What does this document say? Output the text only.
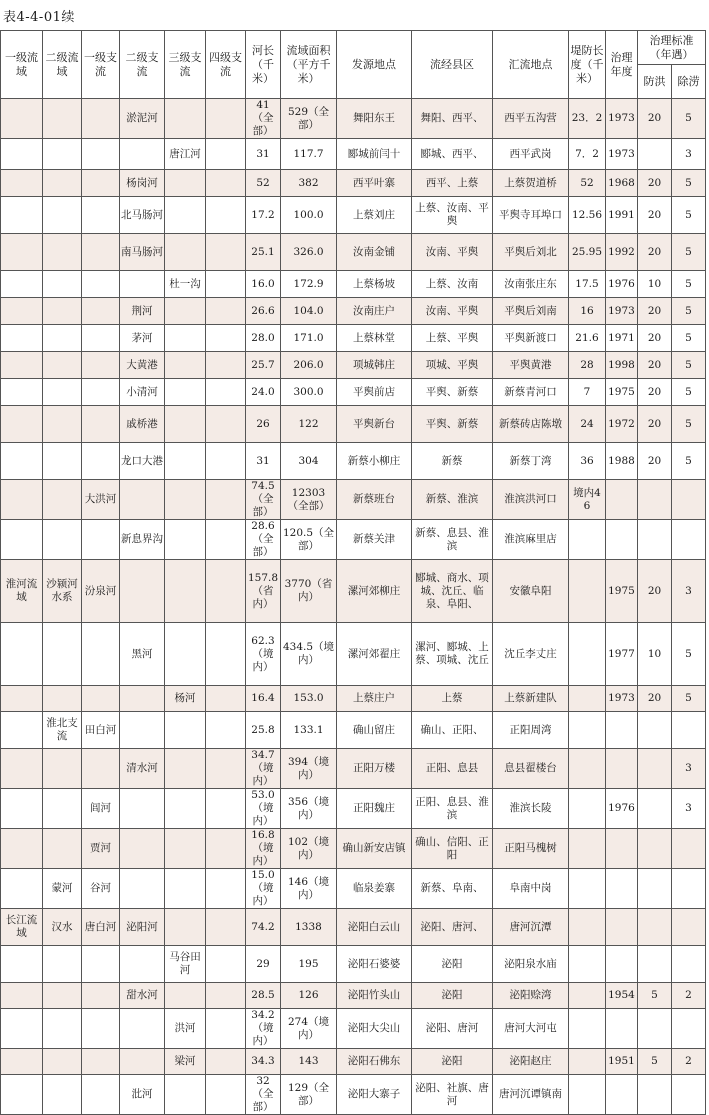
表4-4-01续
一级流域	二级流域	一级支流	二级支流	三级支流	四级支流	河长（千米）	流域面积（平方千米）	发源地点	流经县区	汇流地点	堤防长度（千米）	治理年度	治理标准（年遇）	
													防洪	除涝
			淤泥河			41（全部）	529（全部）	舞阳东王	舞阳、西平、	西平五沟营	23．2	1973	20	5
				唐江河		31	117.7	郾城前闫十	郾城、西平、	西平武岗	7．2	1973		3
			杨岗河			52	382	西平叶寨	西平、上蔡	上蔡贺道桥	52	1968	20	5
			北马肠河			17.2	100.0	上蔡刘庄	上蔡、汝南、平舆	平舆寺耳埠口	12.56	1991	20	5
			南马肠河			25.1	326.0	汝南金铺	汝南、平舆	平舆后刘北	25.95	1992	20	5
				杜一沟		16.0	172.9	上蔡杨坡	上蔡、汝南	汝南张庄东	17.5	1976	10	5
			荆河			26.6	104.0	汝南庄户	汝南、平舆	平舆后刘南	16	1973	20	5
			茅河			28.0	171.0	上蔡林堂	上蔡、平舆	平舆新渡口	21.6	1971	20	5
			大黄港			25.7	206.0	项城韩庄	项城、平舆	平舆黄港	28	1998	20	5
			小清河			24.0	300.0	平舆前店	平舆、新蔡	新蔡青河口	7	1975	20	5
			戚桥港			26	122	平舆新台	平舆、新蔡	新蔡砖店陈墩	24	1972	20	5
			龙口大港			31	304	新蔡小柳庄	新蔡	新蔡丁湾	36	1988	20	5
		大洪河				74.5（全部）	12303（全部）	新蔡班台	新蔡、淮滨	淮滨洪河口	境内46			
			新息界沟			28.6（全部）	120.5（全部）	新蔡关津	新蔡、息县、淮滨	淮滨麻里店				
淮河流域	沙颍河水系	汾泉河				157.8（省内）	3770（省内）	漯河郊柳庄	郾城、商水、项城、沈丘、临泉、阜阳、	安徽阜阳		1975	20	3
			黑河			62.3（境内）	434.5（境内）	漯河郊翟庄	漯河、郾城、上蔡、项城、沈丘	沈丘李丈庄		1977	10	5
				杨河		16.4	153.0	上蔡庄户	上蔡	上蔡新建队		1973	20	5
	淮北支流	田白河				25.8	133.1	确山留庄	确山、正阳、	正阳周湾				
			清水河			34.7（境内）	394（境内）	正阳万楼	正阳、息县	息县翟楼台				3
		闾河				53.0（境内）	356（境内）	正阳魏庄	正阳、息县、淮滨	淮滨长陵		1976		3
		贾河				16.8（境内）	102（境内）	确山新安店镇	确山、信阳、正阳	正阳马槐树				
	蒙河	谷河				15.0（境内）	146（境内）	临泉姜寨	新蔡、阜南、	阜南中岗				
长江流域	汉水	唐白河	泌阳河			74.2	1338	泌阳白云山	泌阳、唐河、	唐河沉潭				
				马谷田河		29	195	泌阳石婆婆	泌阳	泌阳泉水庙				
			甜水河			28.5	126	泌阳竹头山	泌阳	泌阳赊湾		1954	5	2
				洪河		34.2（境内）	274（境内）	泌阳大尖山	泌阳、唐河	唐河大河屯				
				梁河		34.3	143	泌阳石佛东	泌阳	泌阳赵庄		1951	5	2
			沘河			32（全部）	129（全部）	泌阳大寨子	泌阳、社旗、唐河	唐河沉谭镇南				
